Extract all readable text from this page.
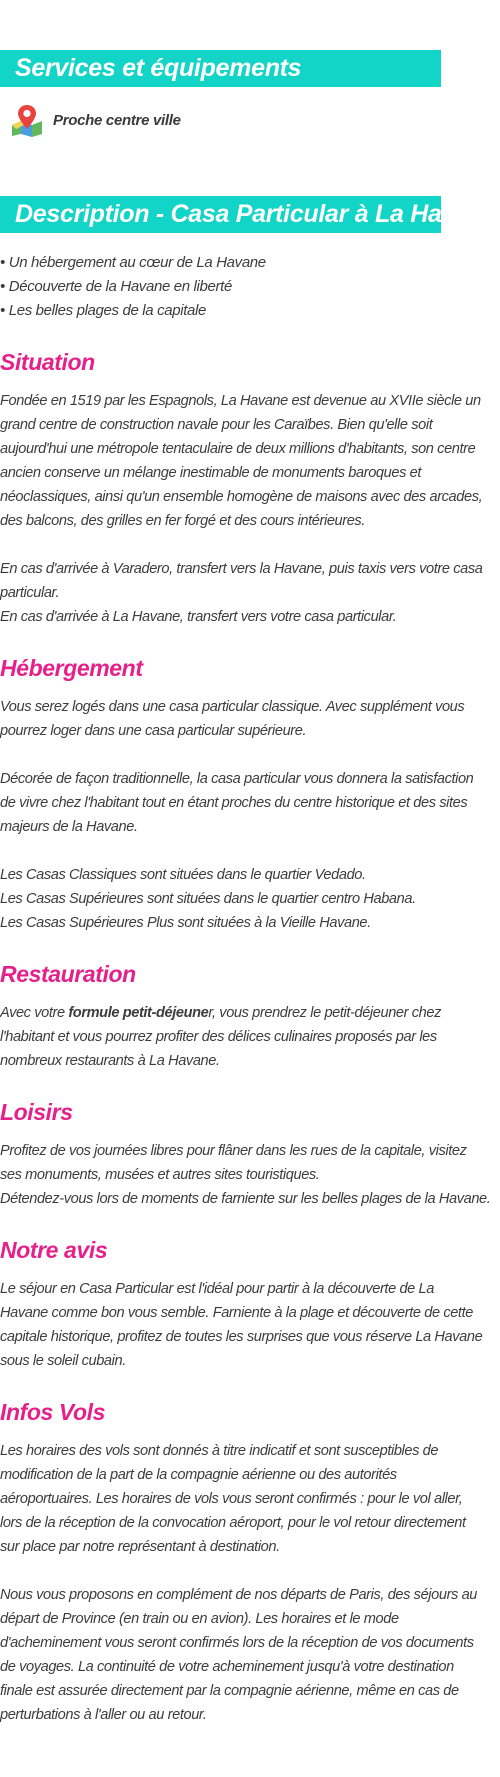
Services et équipements
Proche centre ville
Description - Casa Particular à La Havane
• Un hébergement au cœur de La Havane
• Découverte de la Havane en liberté
• Les belles plages de la capitale
Situation

Fondée en 1519 par les Espagnols, La Havane est devenue au XVIIe siècle un

grand centre de construction navale pour les Caraïbes. Bien qu'elle soit

aujourd'hui une métropole tentaculaire de deux millions d'habitants, son centre

ancien conserve un mélange inestimable de monuments baroques et

néoclassiques, ainsi qu'un ensemble homogène de maisons avec des arcades,

des balcons, des grilles en fer forgé et des cours intérieures.

En cas d'arrivée à Varadero, transfert vers la Havane, puis taxis vers votre casa

particular.

En cas d'arrivée à La Havane, transfert vers votre casa particular.

Hébergement

Vous serez logés dans une casa particular classique. Avec supplément vous

pourrez loger dans une casa particular supérieure.

Décorée de façon traditionnelle, la casa particular vous donnera la satisfaction

de vivre chez l'habitant tout en étant proches du centre historique et des sites

majeurs de la Havane.

Les Casas Classiques sont situées dans le quartier Vedado.

Les Casas Supérieures sont situées dans le quartier centro Habana.

Les Casas Supérieures Plus sont situées à la Vieille Havane.

Restauration

Avec votre formule petit-déjeuner, vous prendrez le petit-déjeuner chez

l'habitant et vous pourrez profiter des délices culinaires proposés par les

nombreux restaurants à La Havane.

Loisirs

Profitez de vos journées libres pour flâner dans les rues de la capitale, visitez

ses monuments, musées et autres sites touristiques.

Détendez-vous lors de moments de farniente sur les belles plages de la Havane.

Notre avis

Le séjour en Casa Particular est l'idéal pour partir à la découverte de La

Havane comme bon vous semble. Farniente à la plage et découverte de cette

capitale historique, profitez de toutes les surprises que vous réserve La Havane

sous le soleil cubain.

Infos Vols

Les horaires des vols sont donnés à titre indicatif et sont susceptibles de

modification de la part de la compagnie aérienne ou des autorités

aéroportuaires. Les horaires de vols vous seront confirmés : pour le vol aller,

lors de la réception de la convocation aéroport, pour le vol retour directement

sur place par notre représentant à destination.

Nous vous proposons en complément de nos départs de Paris, des séjours au

départ de Province (en train ou en avion). Les horaires et le mode

d'acheminement vous seront confirmés lors de la réception de vos documents

de voyages. La continuité de votre acheminement jusqu'à votre destination

finale est assurée directement par la compagnie aérienne, même en cas de

perturbations à l'aller ou au retour.
